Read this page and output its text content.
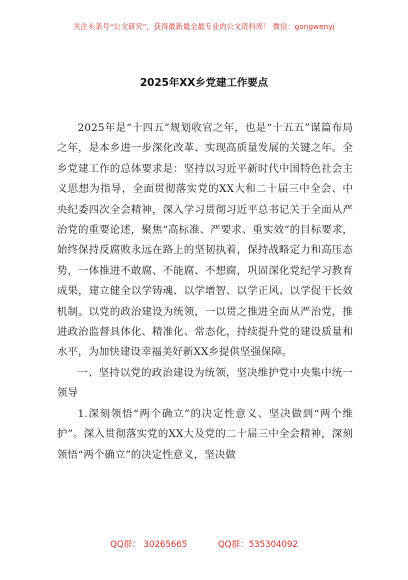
关注头条号“公文研究”，获得最新最全最专业的公文资料库！ 微信：gongwenyj
2025年XX乡党建工作要点

2025年是“十四五”规划收官之年，也是“十五五”谋篇布局之年，是本乡进一步深化改革、实现高质量发展的关键之年。全乡党建工作的总体要求是：坚持以习近平新时代中国特色社会主义思想为指导，全面贯彻落实党的XX大和二十届三中全会、中央纪委四次全会精神，深入学习贯彻习近平总书记关于全面从严治党的重要论述，聚焦“高标准、严要求、重实效”的目标要求，始终保持反腐败永远在路上的坚韧执着，保持战略定力和高压态势，一体推进不敢腐、不能腐、不想腐，巩固深化党纪学习教育成果，建立健全以学铸魂、以学增智、以学正风、以学促干长效机制。以党的政治建设为统领，一以贯之推进全面从严治党，推进政治监督具体化、精准化、常态化，持续提升党的建设质量和水平，为加快建设幸福美好新XX乡提供坚强保障。

一、坚持以党的政治建设为统领，坚决维护党中央集中统一领导

1.深刻领悟“两个确立”的决定性意义、坚决做到“两个维护”。深入贯彻落实党的XX大及党的二十届三中全会精神，深刻领悟“两个确立”的决定性意义，坚决做

QQ群： 30265665	QQ群：535304092
